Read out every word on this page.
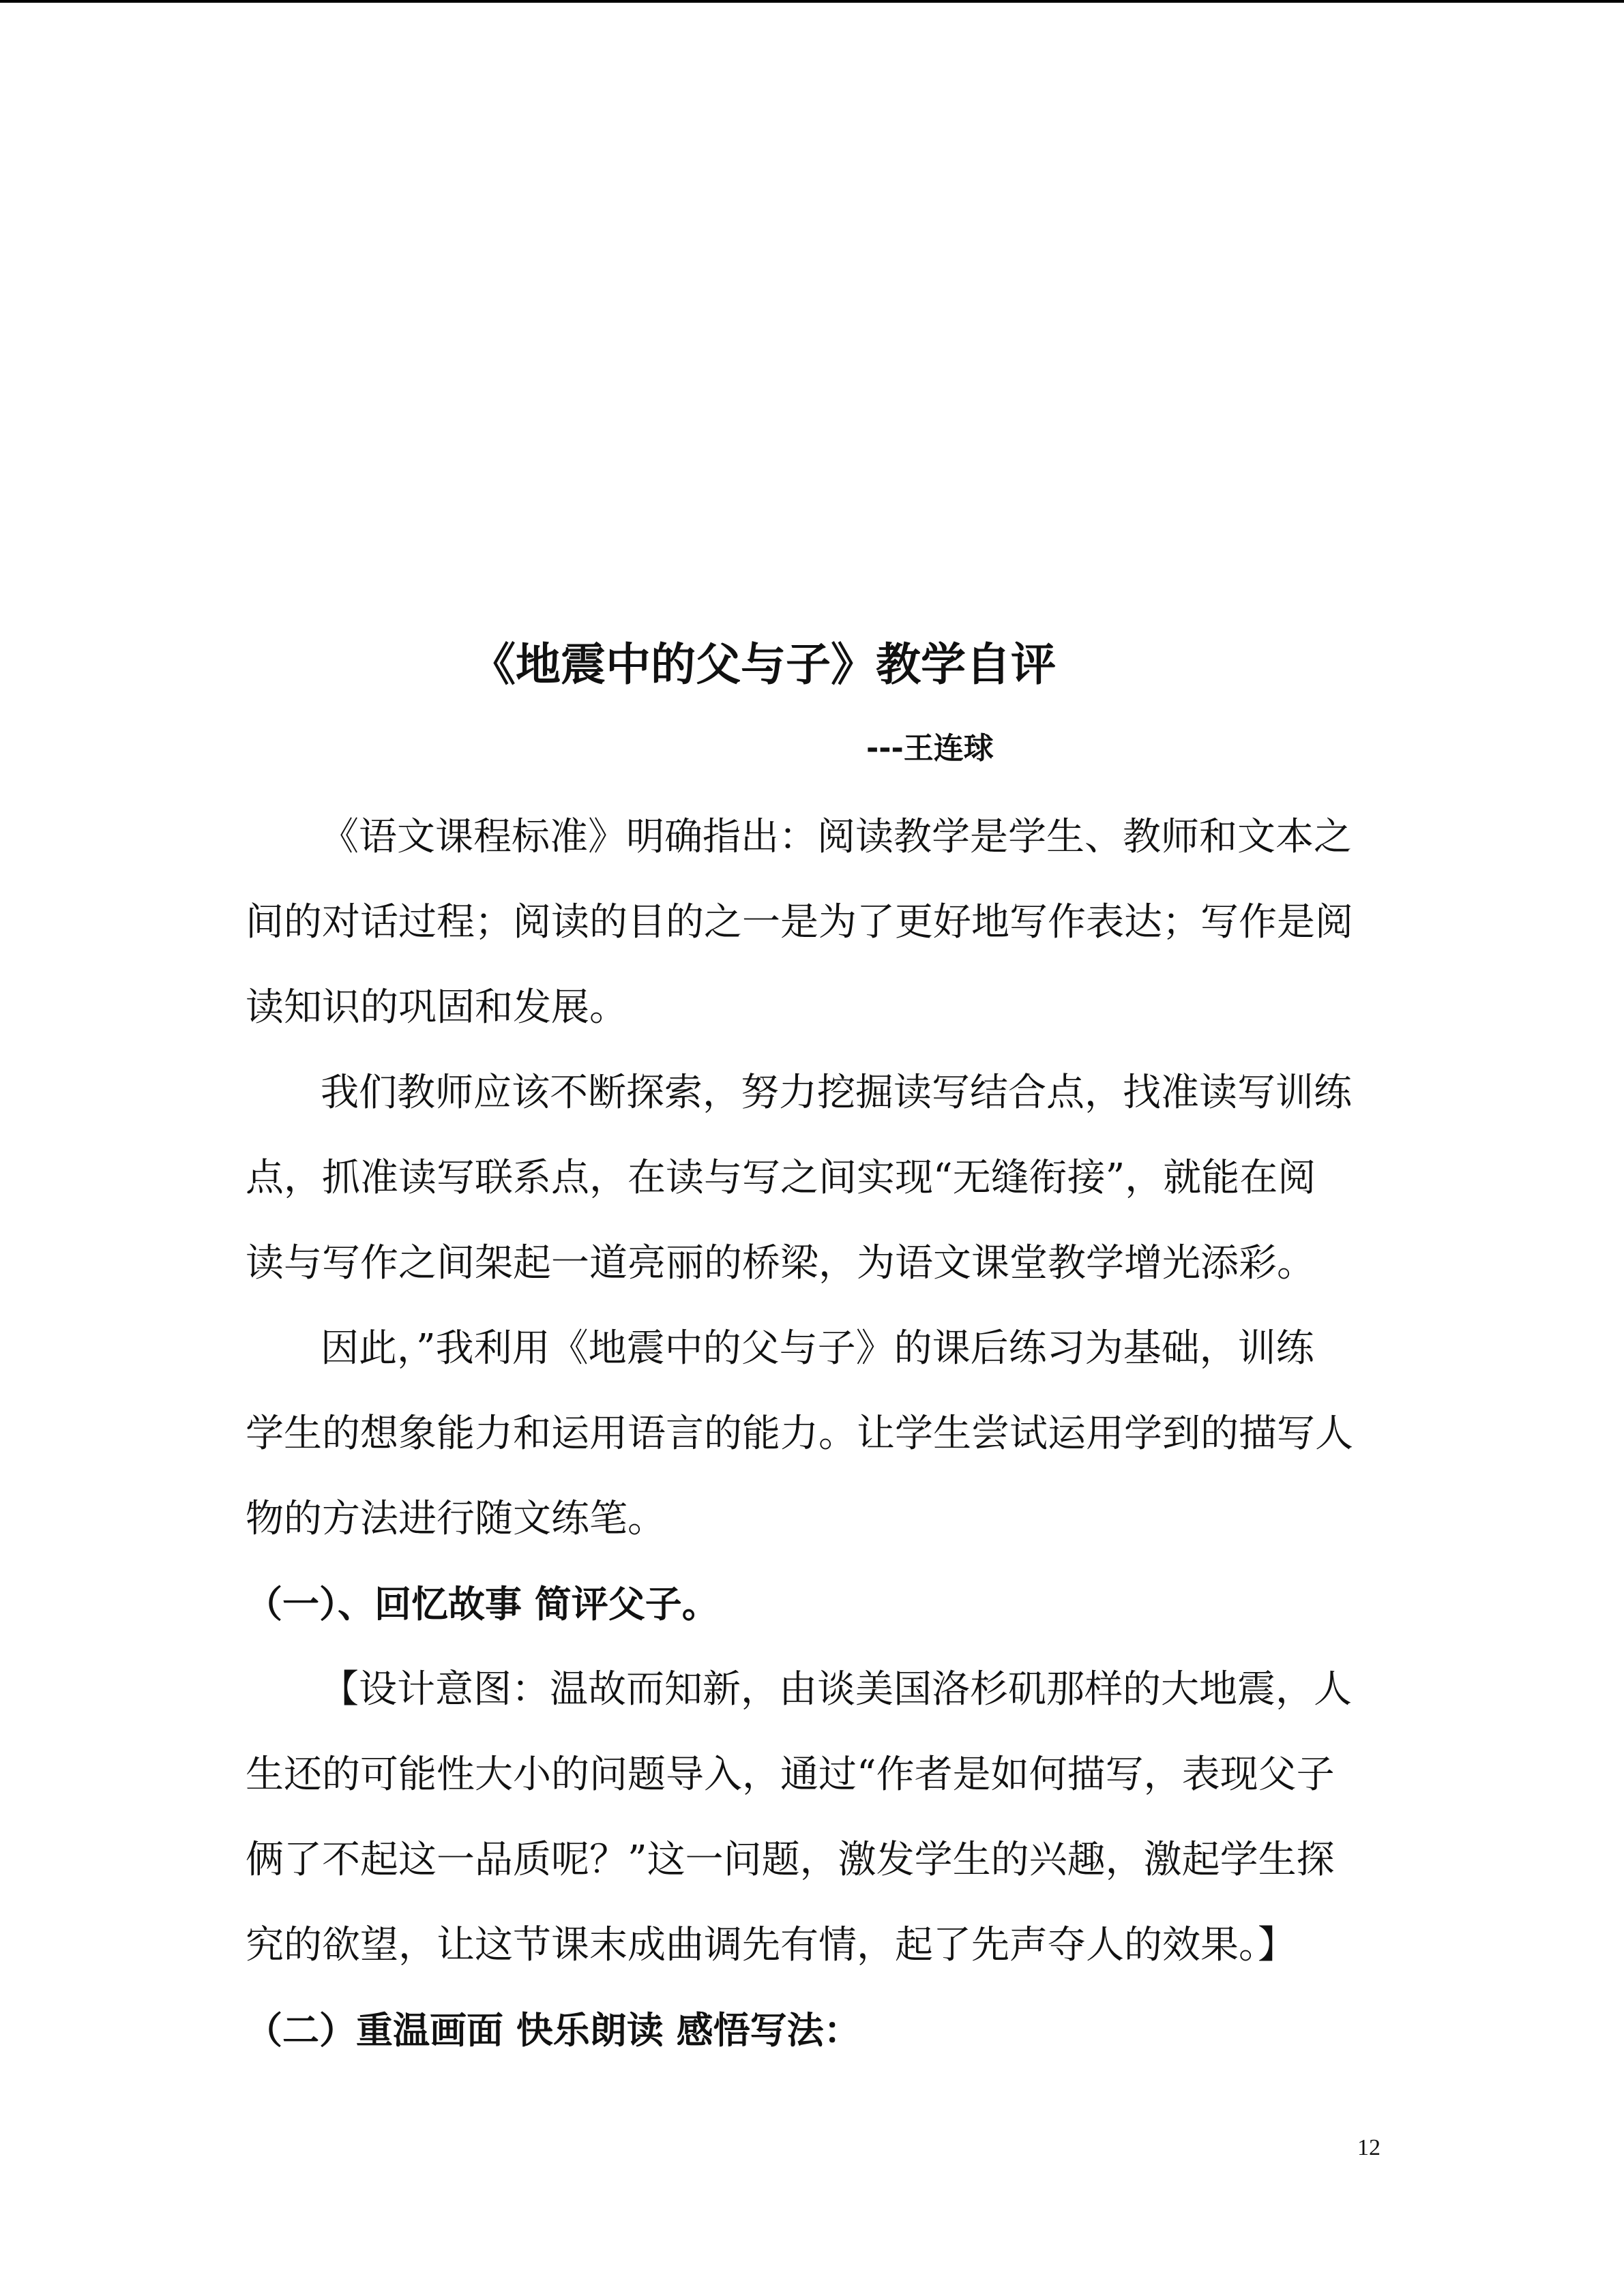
《地震中的父与子》教学自评
---王连球
《语文课程标准》明确指出：阅读教学是学生、教师和文本之
间的对话过程；阅读的目的之一是为了更好地写作表达；写作是阅
读知识的巩固和发展。
我们教师应该不断探索，努力挖掘读写结合点，找准读写训练
点，抓准读写联系点，在读与写之间实现“无缝衔接”，就能在阅
读与写作之间架起一道亮丽的桥梁，为语文课堂教学增光添彩。
因此，”我利用《地震中的父与子》的课后练习为基础，训练
学生的想象能力和运用语言的能力。让学生尝试运用学到的描写人
物的方法进行随文练笔。
（一）、回忆故事 简评父子。
【设计意图：温故而知新，由谈美国洛杉矶那样的大地震，人
生还的可能性大小的问题导入，通过“作者是如何描写，表现父子
俩了不起这一品质呢？”这一问题，激发学生的兴趣，激起学生探
究的欲望，让这节课末成曲调先有情，起了先声夺人的效果。】
（二）重温画面 快乐朗读 感悟写法：
12
